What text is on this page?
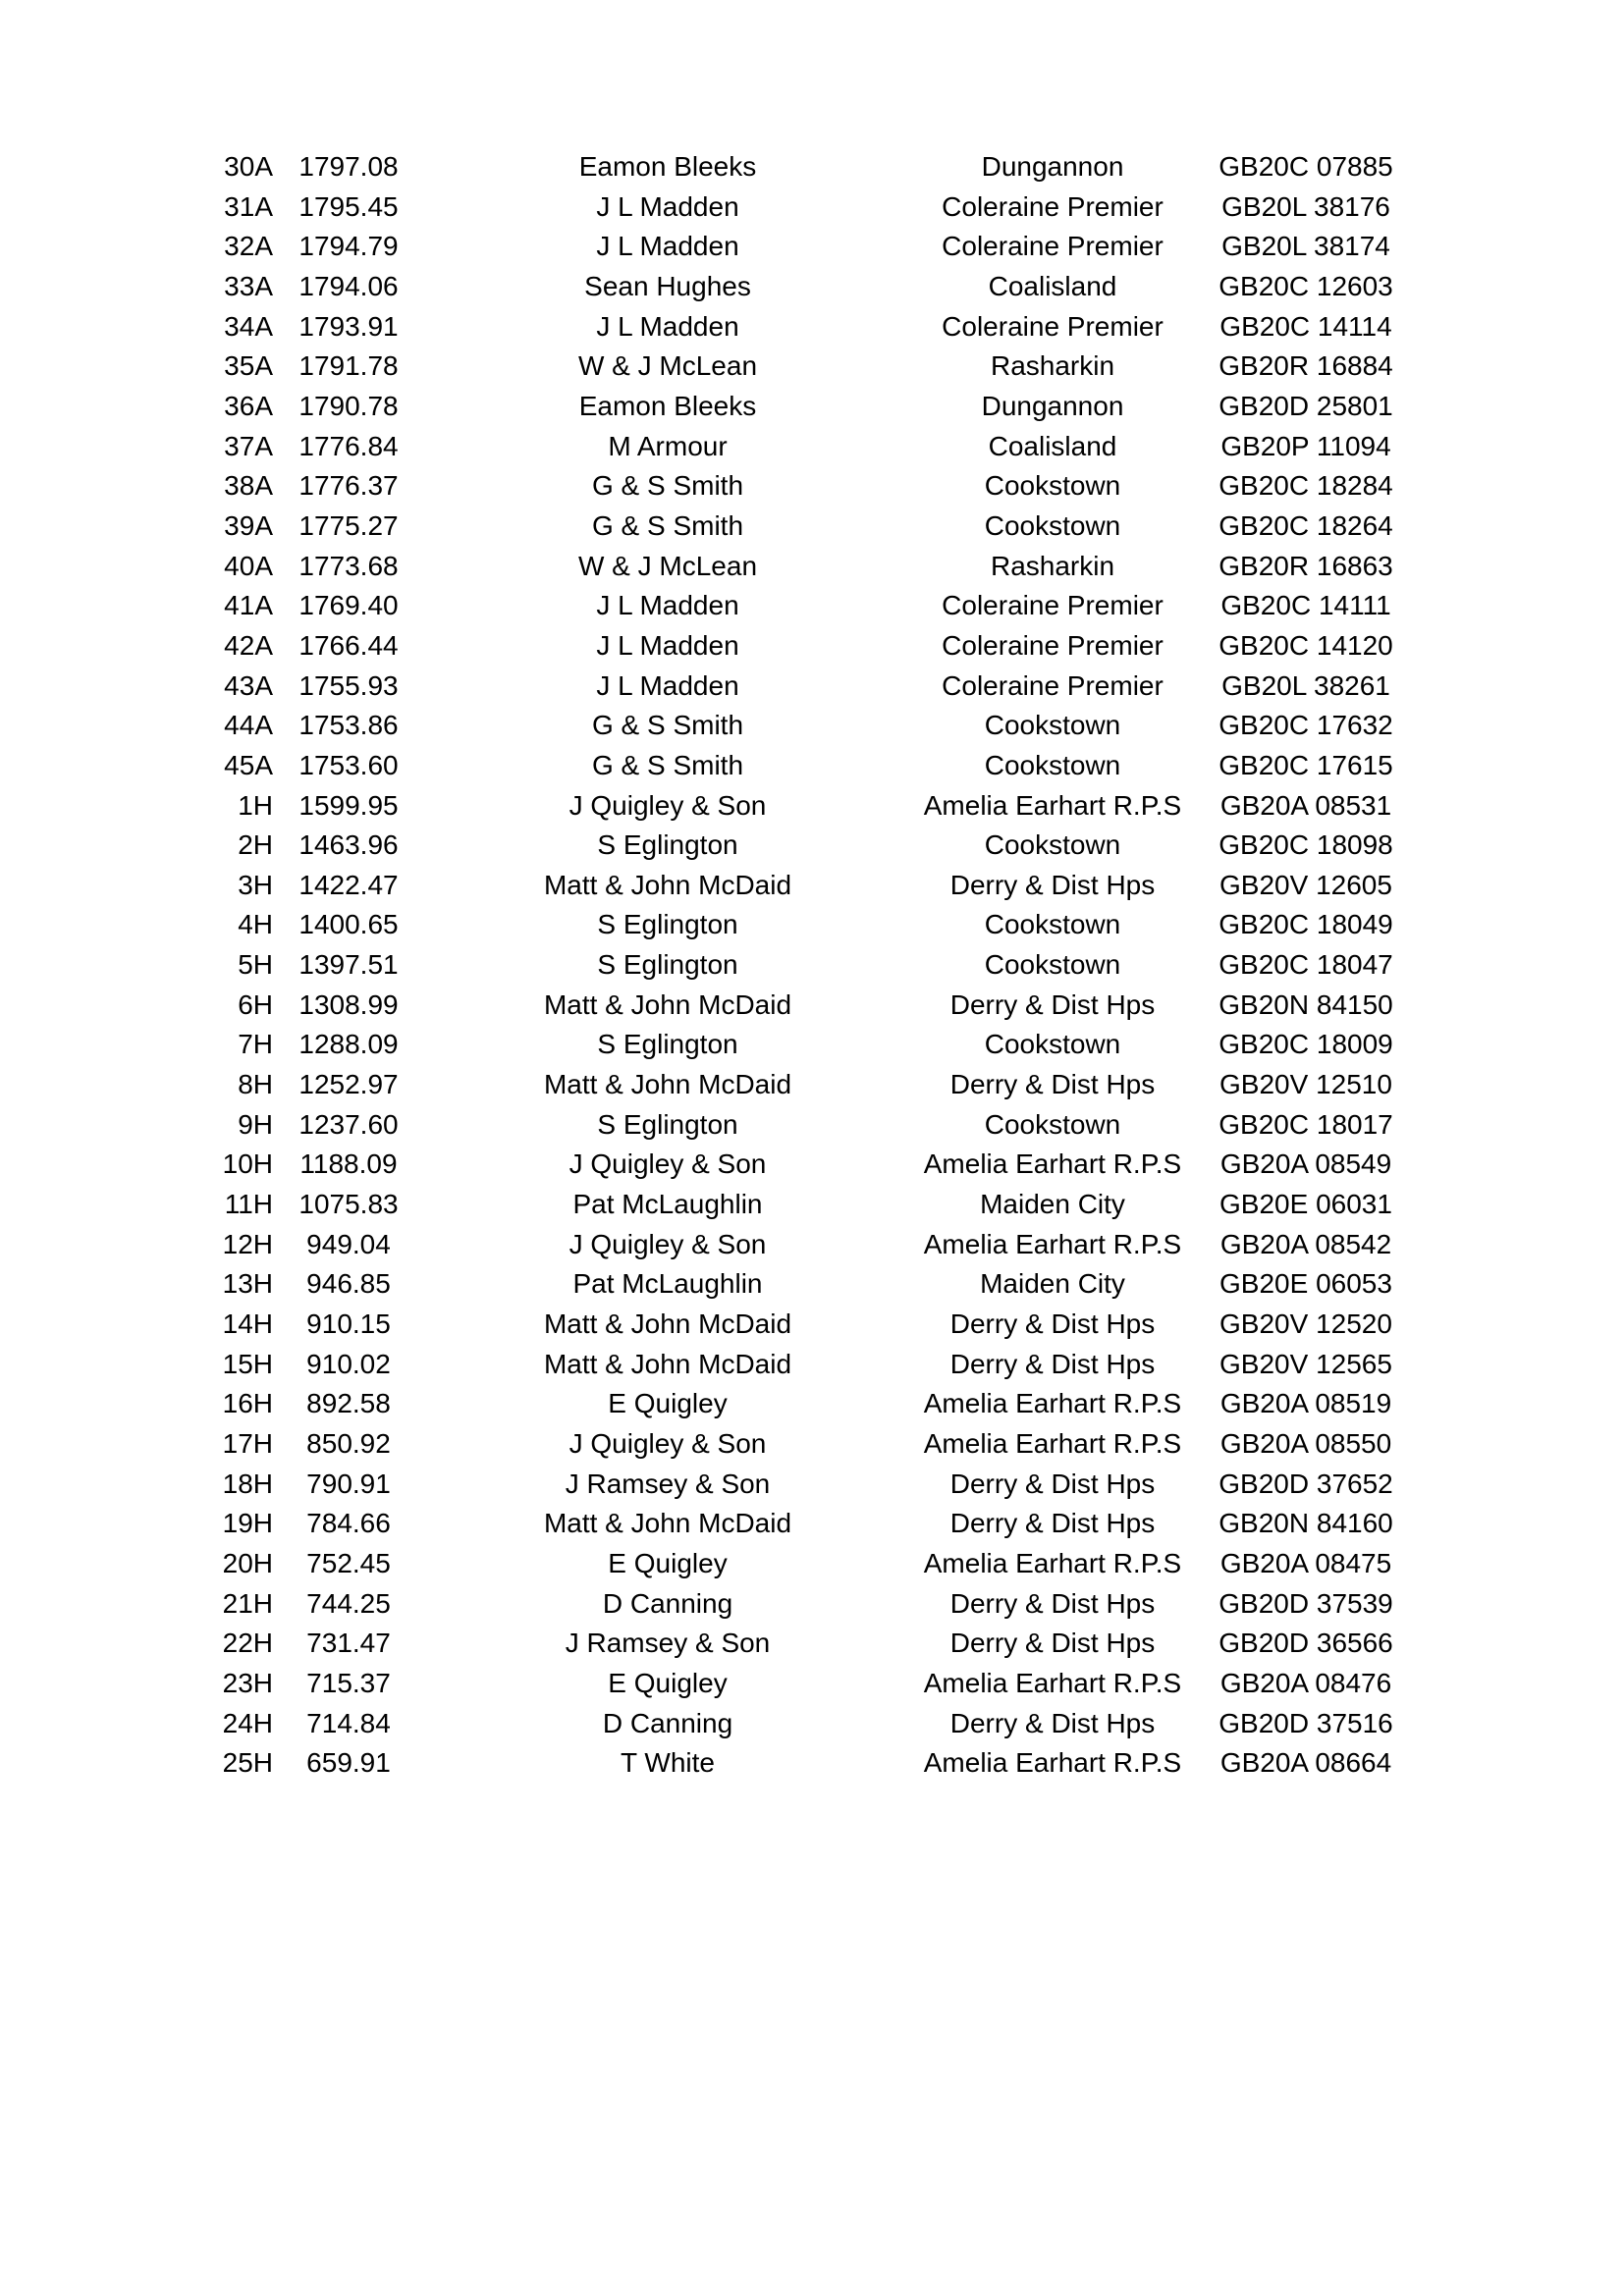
30A 1797.08	Eamon Bleeks	Dungannon	GB20C 07885
31A 1795.45	J L Madden	Coleraine Premier	GB20L 38176
32A 1794.79	J L Madden	Coleraine Premier	GB20L 38174
33A 1794.06	Sean Hughes	Coalisland	GB20C 12603
34A 1793.91	J L Madden	Coleraine Premier	GB20C 14114
35A 1791.78	W & J McLean	Rasharkin	GB20R 16884
36A 1790.78	Eamon Bleeks	Dungannon	GB20D 25801
37A 1776.84	M Armour	Coalisland	GB20P 11094
38A 1776.37	G & S Smith	Cookstown	GB20C 18284
39A 1775.27	G & S Smith	Cookstown	GB20C 18264
40A 1773.68	W & J McLean	Rasharkin	GB20R 16863
41A 1769.40	J L Madden	Coleraine Premier	GB20C 14111
42A 1766.44	J L Madden	Coleraine Premier	GB20C 14120
43A 1755.93	J L Madden	Coleraine Premier	GB20L 38261
44A 1753.86	G & S Smith	Cookstown	GB20C 17632
45A 1753.60	G & S Smith	Cookstown	GB20C 17615
1H 1599.95	J Quigley & Son	Amelia Earhart R.P.S	GB20A 08531
2H 1463.96	S Eglington	Cookstown	GB20C 18098
3H 1422.47	Matt & John McDaid	Derry & Dist Hps	GB20V 12605
4H 1400.65	S Eglington	Cookstown	GB20C 18049
5H 1397.51	S Eglington	Cookstown	GB20C 18047
6H 1308.99	Matt & John McDaid	Derry & Dist Hps	GB20N 84150
7H 1288.09	S Eglington	Cookstown	GB20C 18009
8H 1252.97	Matt & John McDaid	Derry & Dist Hps	GB20V 12510
9H 1237.60	S Eglington	Cookstown	GB20C 18017
10H 1188.09	J Quigley & Son	Amelia Earhart R.P.S	GB20A 08549
11H 1075.83	Pat McLaughlin	Maiden City	GB20E 06031
12H	949.04	J Quigley & Son	Amelia Earhart R.P.S	GB20A 08542
13H	946.85	Pat McLaughlin	Maiden City	GB20E 06053
14H	910.15	Matt & John McDaid	Derry & Dist Hps	GB20V 12520
15H	910.02	Matt & John McDaid	Derry & Dist Hps	GB20V 12565
16H	892.58	E Quigley	Amelia Earhart R.P.S	GB20A 08519
17H	850.92	J Quigley & Son	Amelia Earhart R.P.S	GB20A 08550
18H	790.91	J Ramsey & Son	Derry & Dist Hps	GB20D 37652
19H	784.66	Matt & John McDaid	Derry & Dist Hps	GB20N 84160
20H	752.45	E Quigley	Amelia Earhart R.P.S	GB20A 08475
21H	744.25	D Canning	Derry & Dist Hps	GB20D 37539
22H	731.47	J Ramsey & Son	Derry & Dist Hps	GB20D 36566
23H	715.37	E Quigley	Amelia Earhart R.P.S	GB20A 08476
24H	714.84	D Canning	Derry & Dist Hps	GB20D 37516
25H	659.91	T White	Amelia Earhart R.P.S	GB20A 08664
